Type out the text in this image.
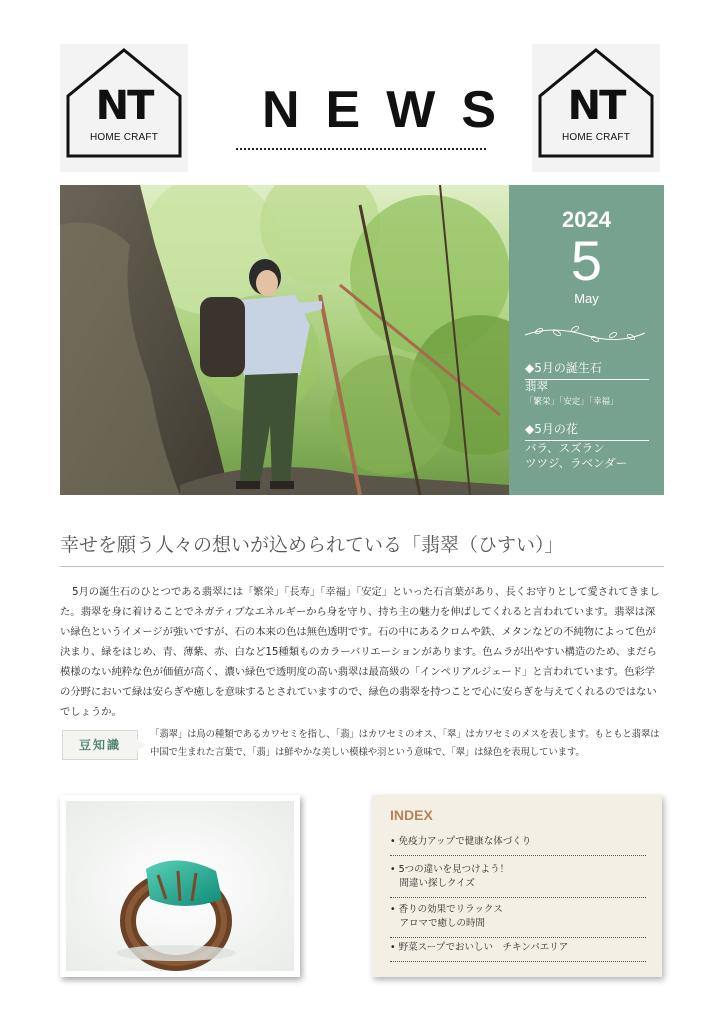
NT
HOME CRAFT
NT
HOME CRAFT
NEWS
2024
5
May
◆5月の誕生石
翡翠
「繁栄」「安定」「幸福」
◆5月の花
バラ、スズラン
ツツジ、ラベンダー
幸せを願う人々の想いが込められている「翡翠（ひすい）」
5月の誕生石のひとつである翡翠には「繁栄」「長寿」「幸福」「安定」といった石言葉があり、長くお守りとして愛されてきました。翡翠を身に着けることでネガティブなエネルギーから身を守り、持ち主の魅力を伸ばしてくれると言われています。翡翠は深い緑色というイメージが強いですが、石の本来の色は無色透明です。石の中にあるクロムや鉄、メタンなどの不純物によって色が決まり、緑をはじめ、青、薄紫、赤、白など15種類ものカラーバリエーションがあります。色ムラが出やすい構造のため、まだら模様のない純粋な色が価値が高く、濃い緑色で透明度の高い翡翠は最高級の「インペリアルジェード」と言われています。色彩学の分野において緑は安らぎや癒しを意味するとされていますので、緑色の翡翠を持つことで心に安らぎを与えてくれるのではないでしょうか。
豆知識
「翡翠」は鳥の種類であるカワセミを指し、「翡」はカワセミのオス、「翠」はカワセミのメスを表します。もともと翡翠は中国で生まれた言葉で、「翡」は鮮やかな美しい模様や羽という意味で、「翠」は緑色を表現しています。
INDEX
• 免疫力アップで健康な体づくり
• 5つの違いを見つけよう！
　間違い探しクイズ
• 香りの効果でリラックス
　アロマで癒しの時間
• 野菜スープでおいしい　チキンパエリア
